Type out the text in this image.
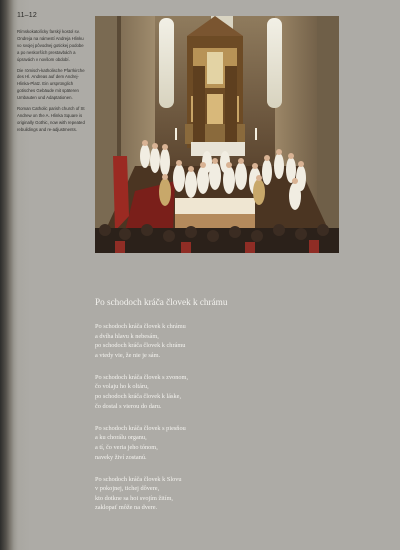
11–12

Rímskokatolícky farský kostol sv. Ondreja na námestí Andreja Hlinku vo svojej pôvodnej gotickej podobe a po neskorších prestavbách a úpravách v novšom období.

Die römisch-katholische Pfarrkirche des Hl. Andreas auf dem Andrej-Hlinka-Platz. Ein ursprünglich gotisches Gebäude mit späteren Umbauten und Adaptationen.

Roman Catholic parish church of St Andrew on the A. Hlinka Square is originally Gothic, now with repeated rebuildings and re-adjustments.

Po schodoch kráča človek k chrámu
Po schodoch kráča človek k chrámu
a dvíha hlavu k nebesám,
po schodoch kráča človek k chrámu
a vtedy vie, že nie je sám.
Po schodoch kráča človek s zvonom,
čo volaju ho k oltáru,
po schodoch kráča človek k láske,
čo dostal s vierou do daru.
Po schodoch kráča človek s piesňou
a ku chorálu organu,
a tí, čo veria jeho tónom,
naveky živí zostanú.
Po schodoch kráča človek k Slovu
v pokojnej, tichej dôvere,
kto dotkne sa hoi svojím žitím,
zaklopať môže na dvere.
